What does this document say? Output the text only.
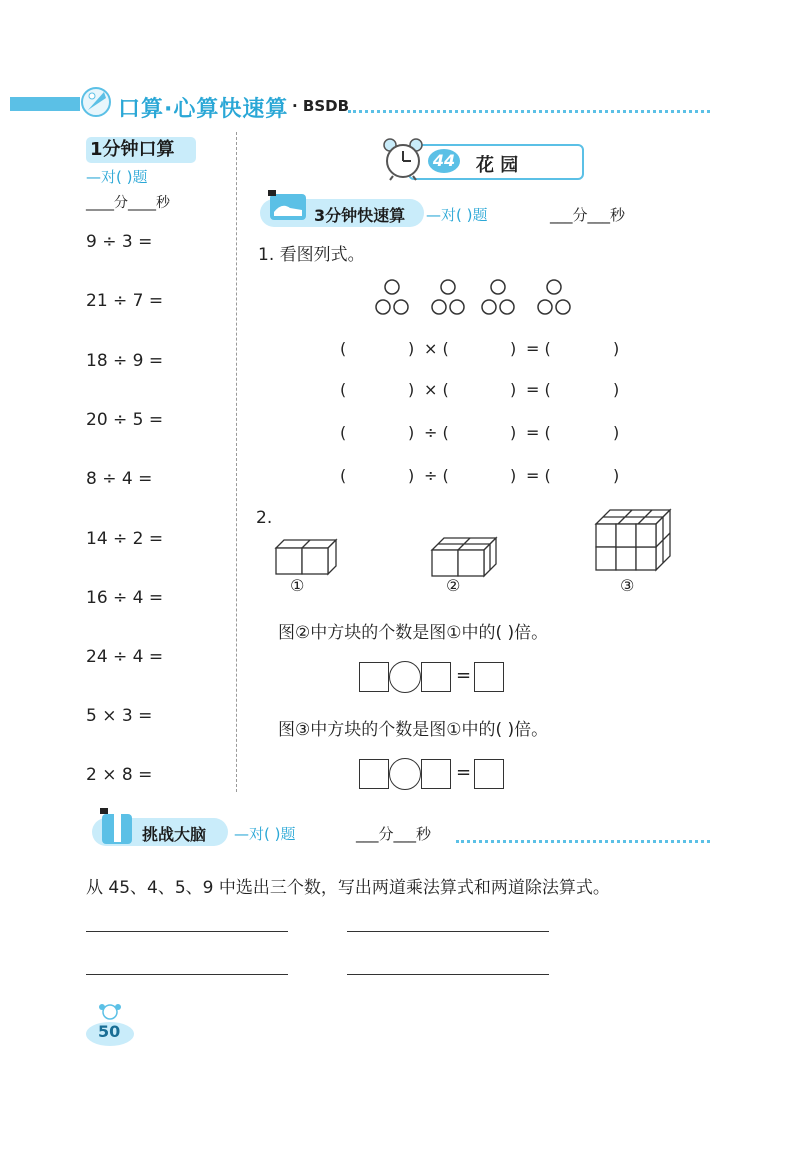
口算·心算快速算 · BSDB
1分钟口算
—对( )题
____分____秒
9 ÷ 3 =
21 ÷ 7 =
18 ÷ 9 =
20 ÷ 5 =
8 ÷ 4 =
14 ÷ 2 =
16 ÷ 4 =
24 ÷ 4 =
5 × 3 =
2 × 8 =
44 花 园
3分钟快速算 —对( )题	___分___秒
1. 看图列式。
(	) × (	) = (	)
(	) × (	) = (	)
(	) ÷ (	) = (	)
(	) ÷ (	) = (	)
2.
①	②	③
图②中方块的个数是图①中的( )倍。
=
图③中方块的个数是图①中的( )倍。
=
挑战大脑 —对( )题	___分___秒
从 45、4、5、9 中选出三个数，写出两道乘法算式和两道除法算式。
50
